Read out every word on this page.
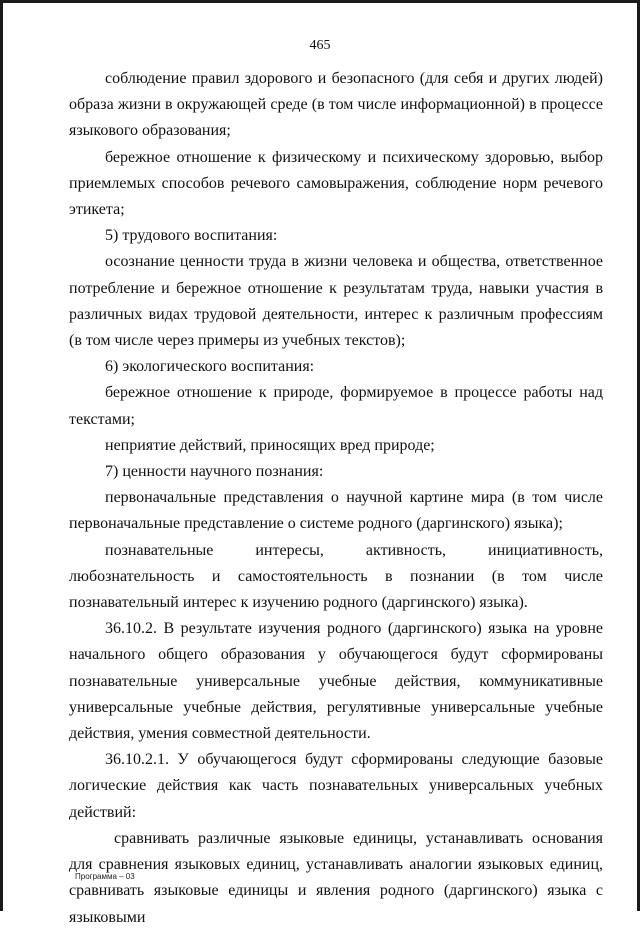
465

соблюдение правил здорового и безопасного (для себя и других людей) образа жизни в окружающей среде (в том числе информационной) в процессе языкового образования;

бережное отношение к физическому и психическому здоровью, выбор приемлемых способов речевого самовыражения, соблюдение норм речевого этикета;

5) трудового воспитания:

осознание ценности труда в жизни человека и общества, ответственное потребление и бережное отношение к результатам труда, навыки участия в различных видах трудовой деятельности, интерес к различным профессиям (в том числе через примеры из учебных текстов);

6) экологического воспитания:

бережное отношение к природе, формируемое в процессе работы над текстами;

неприятие действий, приносящих вред природе;

7) ценности научного познания:

первоначальные представления о научной картине мира (в том числе первоначальные представление о системе родного (даргинского) языка);

познавательные интересы, активность, инициативность, любознательность и самостоятельность в познании (в том числе познавательный интерес к изучению родного (даргинского) языка).

36.10.2. В результате изучения родного (даргинского) языка на уровне начального общего образования у обучающегося будут сформированы познавательные универсальные учебные действия, коммуникативные универсальные учебные действия, регулятивные универсальные учебные действия, умения совместной деятельности.

36.10.2.1. У обучающегося будут сформированы следующие базовые логические действия как часть познавательных универсальных учебных действий:

сравнивать различные языковые единицы, устанавливать основания для сравнения языковых единиц, устанавливать аналогии языковых единиц, сравнивать языковые единицы и явления родного (даргинского) языка с языковыми

Программа – 03
